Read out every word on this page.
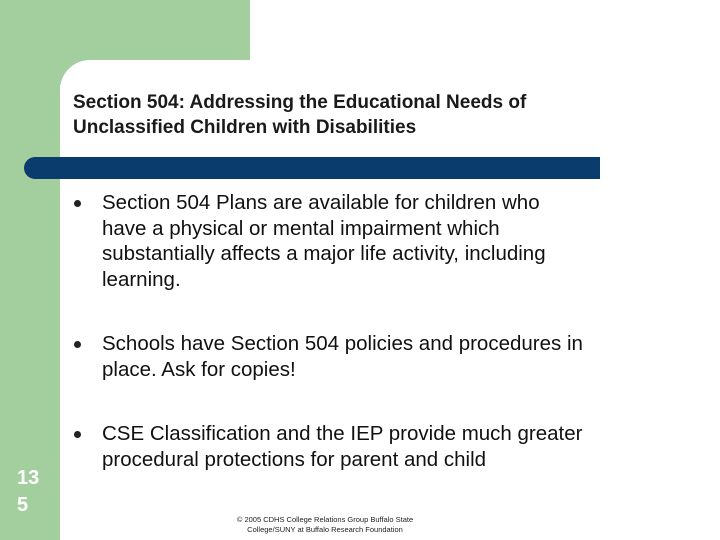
Section 504: Addressing the Educational Needs of
Unclassified Children with Disabilities
Section 504 Plans are available for children who
have a physical or mental impairment which
substantially affects a major life activity, including
learning.
Schools have Section 504 policies and procedures in
place. Ask for copies!
CSE Classification and the IEP provide much greater
procedural protections for parent and child
13
5
© 2005 CDHS College Relations Group Buffalo State
College/SUNY at Buffalo Research Foundation
